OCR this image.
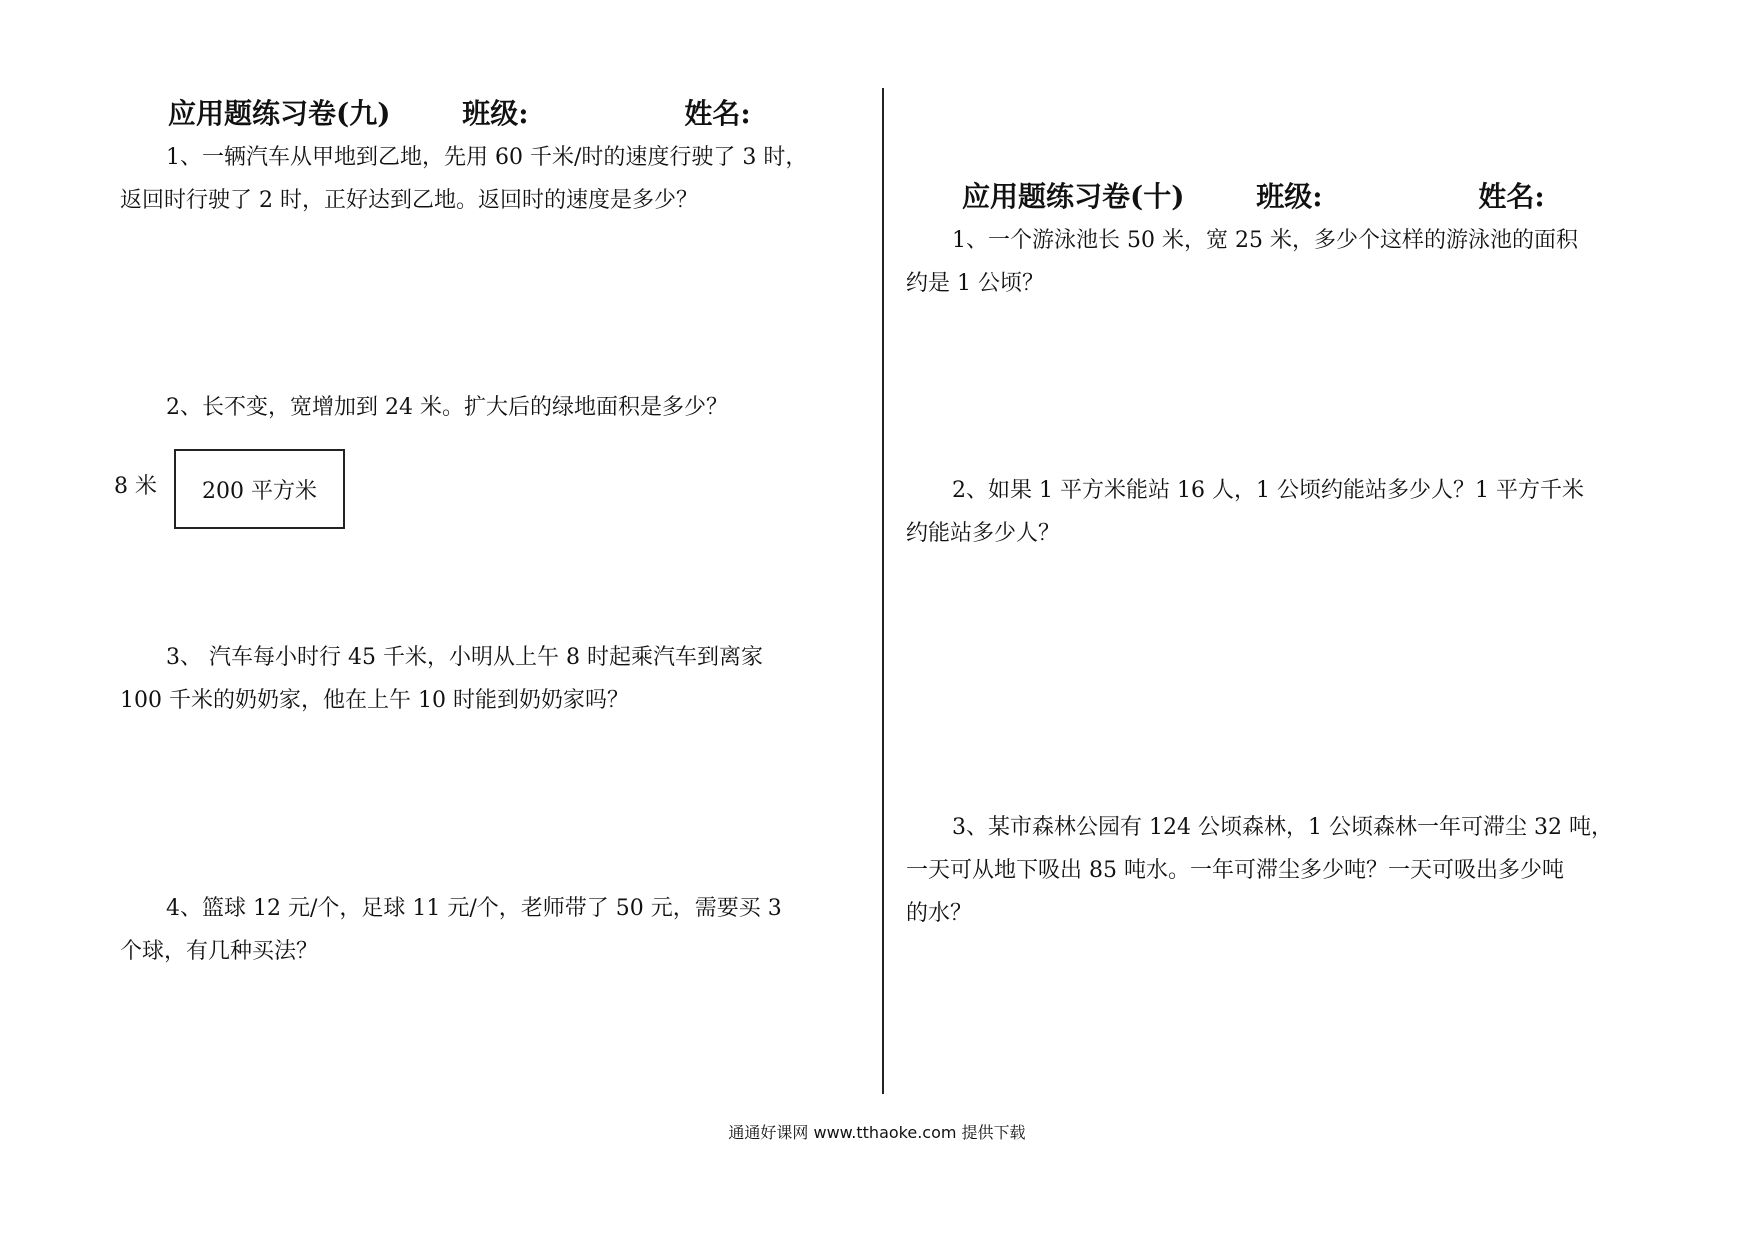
应用题练习卷(九)	班级:	姓名:

1、一辆汽车从甲地到乙地，先用 60 千米/时的速度行驶了 3 时，

返回时行驶了 2 时，正好达到乙地。返回时的速度是多少？

2、长不变，宽增加到 24 米。扩大后的绿地面积是多少？

8 米 200 平方米

3、 汽车每小时行 45 千米，小明从上午 8 时起乘汽车到离家

100 千米的奶奶家，他在上午 10 时能到奶奶家吗？

4、篮球 12 元/个，足球 11 元/个，老师带了 50 元，需要买 3

个球，有几种买法？

应用题练习卷(十)	班级:	姓名:

1、一个游泳池长 50 米，宽 25 米，多少个这样的游泳池的面积

约是 1 公顷？

2、如果 1 平方米能站 16 人，1 公顷约能站多少人？1 平方千米

约能站多少人？

3、某市森林公园有 124 公顷森林，1 公顷森林一年可滞尘 32 吨，

一天可从地下吸出 85 吨水。一年可滞尘多少吨？一天可吸出多少吨

的水？

通通好课网 www.tthaoke.com 提供下载
